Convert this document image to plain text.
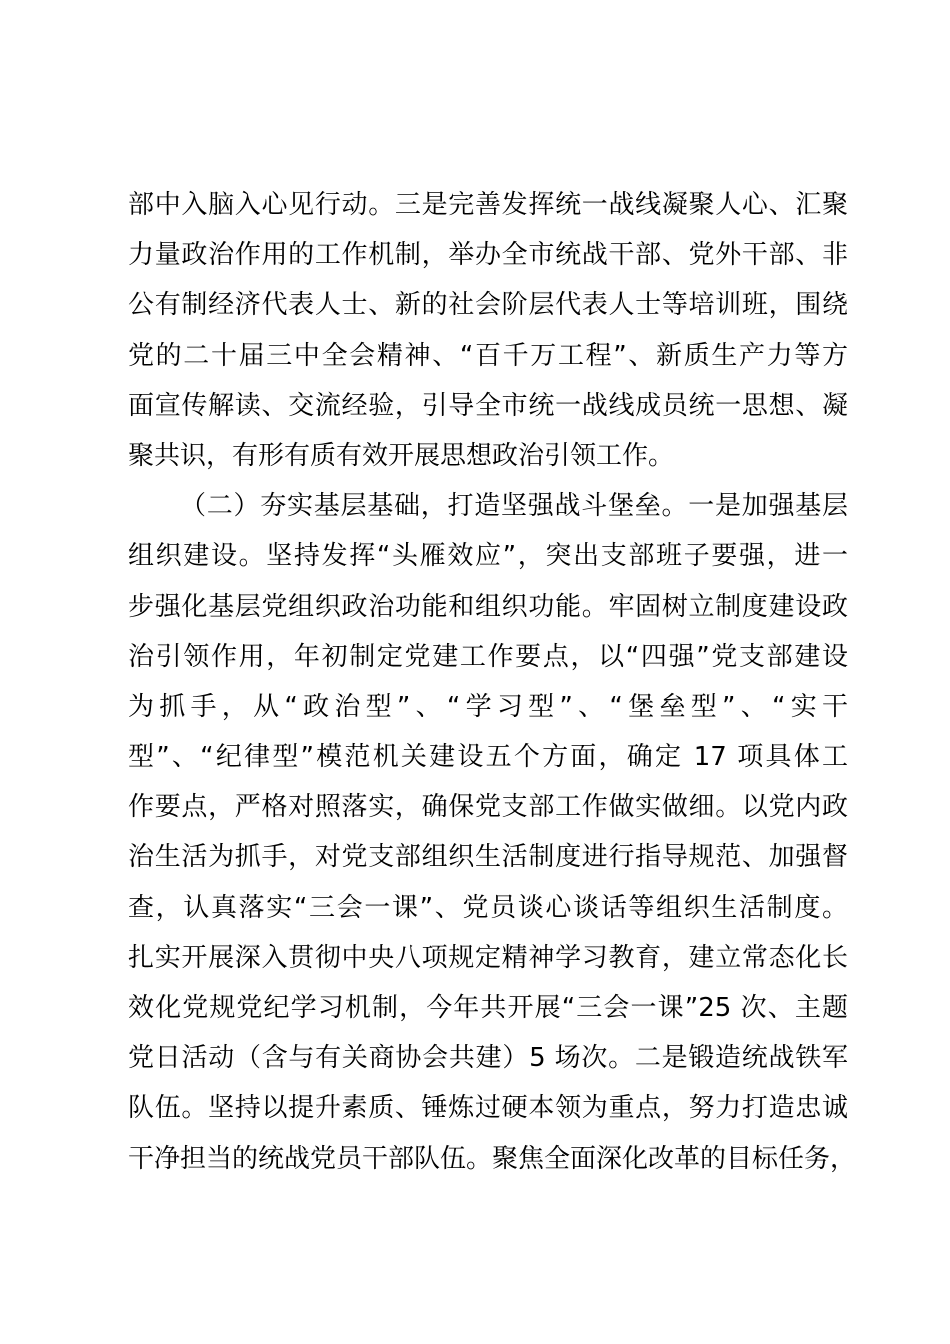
部中入脑入心见行动。三是完善发挥统一战线凝聚人心、汇聚
力量政治作用的工作机制，举办全市统战干部、党外干部、非
公有制经济代表人士、新的社会阶层代表人士等培训班，围绕
党的二十届三中全会精神、“百千万工程”、新质生产力等方
面宣传解读、交流经验，引导全市统一战线成员统一思想、凝
聚共识，有形有质有效开展思想政治引领工作。
（二）夯实基层基础，打造坚强战斗堡垒。一是加强基层
组织建设。坚持发挥“头雁效应”，突出支部班子要强，进一
步强化基层党组织政治功能和组织功能。牢固树立制度建设政
治引领作用，年初制定党建工作要点，以“四强”党支部建设
为抓手，从“政治型”、“学习型”、“堡垒型”、“实干
型”、“纪律型”模范机关建设五个方面，确定 17 项具体工
作要点，严格对照落实，确保党支部工作做实做细。以党内政
治生活为抓手，对党支部组织生活制度进行指导规范、加强督
查，认真落实“三会一课”、党员谈心谈话等组织生活制度。
扎实开展深入贯彻中央八项规定精神学习教育，建立常态化长
效化党规党纪学习机制，今年共开展“三会一课”25 次、主题
党日活动（含与有关商协会共建）5 场次。二是锻造统战铁军
队伍。坚持以提升素质、锤炼过硬本领为重点，努力打造忠诚
干净担当的统战党员干部队伍。聚焦全面深化改革的目标任务，
